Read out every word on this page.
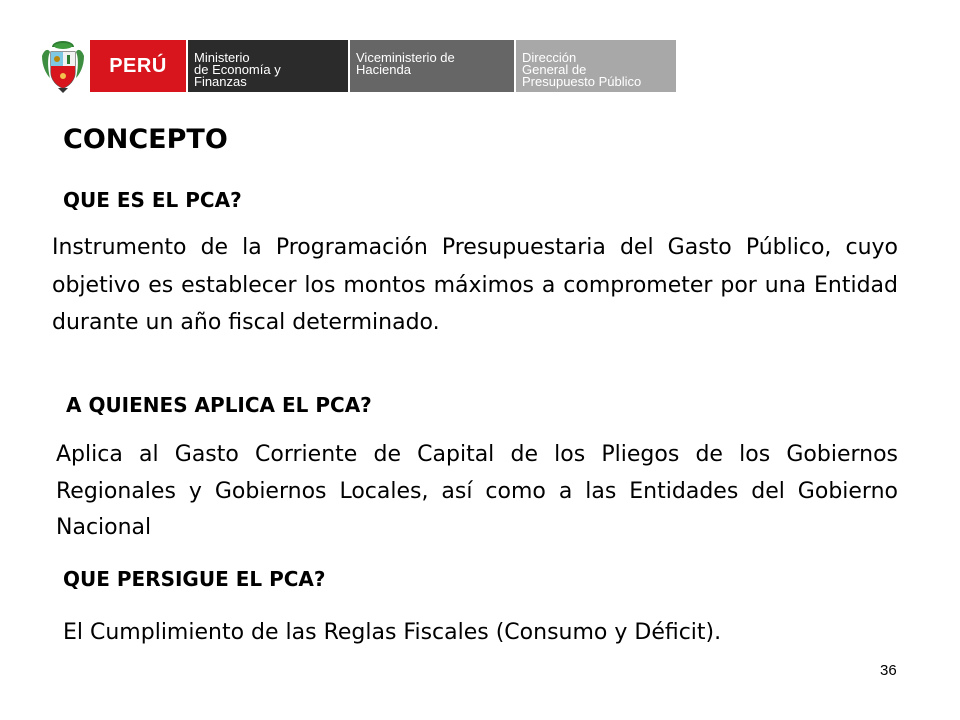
PERÚ	Ministerio
de Economía y
Finanzas
Viceministerio de
Hacienda
Dirección
General de
Presupuesto Público
CONCEPTO
QUE ES EL PCA?
Instrumento de la Programación Presupuestaria del Gasto Público, cuyo objetivo es establecer los montos máximos a comprometer por una Entidad durante un año fiscal determinado.
A QUIENES APLICA EL PCA?
Aplica al Gasto Corriente de Capital de los Pliegos de los Gobiernos Regionales y Gobiernos Locales, así como a las Entidades del Gobierno Nacional
QUE PERSIGUE EL PCA?
El Cumplimiento de las Reglas Fiscales (Consumo y Déficit).
36
